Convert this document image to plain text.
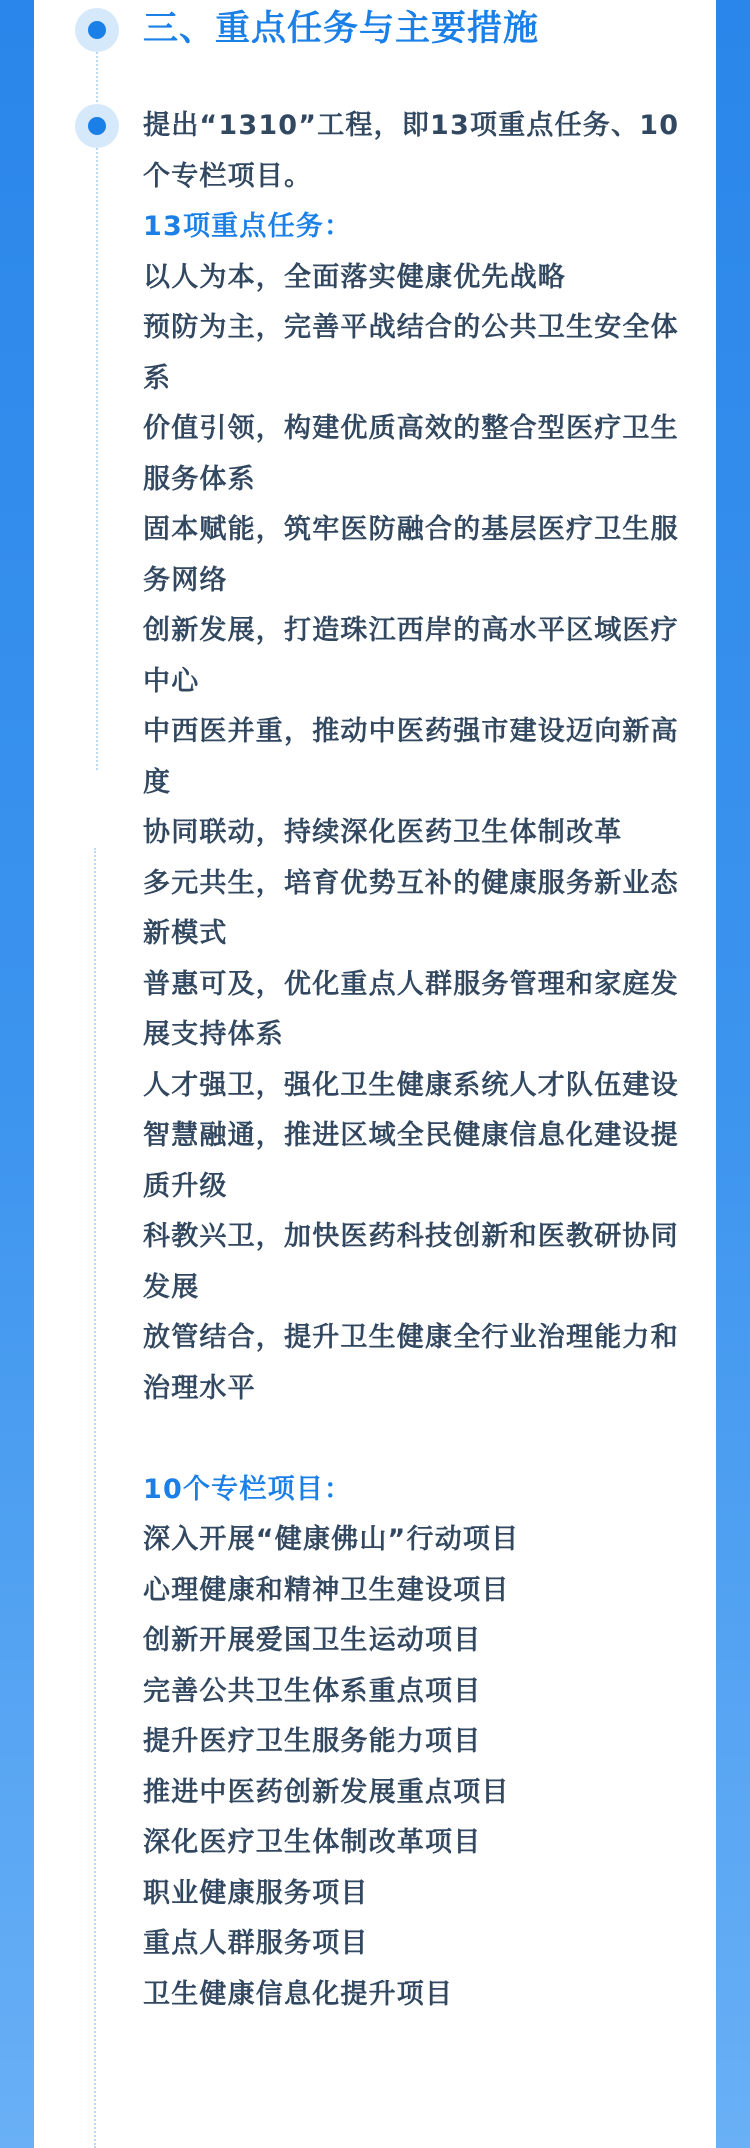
三、重点任务与主要措施

提出“1310”工程，即13项重点任务、10个专栏项目。

13项重点任务：

以人为本，全面落实健康优先战略
预防为主，完善平战结合的公共卫生安全体系
价值引领，构建优质高效的整合型医疗卫生服务体系
固本赋能，筑牢医防融合的基层医疗卫生服务网络
创新发展，打造珠江西岸的高水平区域医疗中心
中西医并重，推动中医药强市建设迈向新高度
协同联动，持续深化医药卫生体制改革
多元共生，培育优势互补的健康服务新业态新模式
普惠可及，优化重点人群服务管理和家庭发展支持体系
人才强卫，强化卫生健康系统人才队伍建设
智慧融通，推进区域全民健康信息化建设提质升级
科教兴卫，加快医药科技创新和医教研协同发展
放管结合，提升卫生健康全行业治理能力和治理水平

10个专栏项目：

深入开展“健康佛山”行动项目
心理健康和精神卫生建设项目
创新开展爱国卫生运动项目
完善公共卫生体系重点项目
提升医疗卫生服务能力项目
推进中医药创新发展重点项目
深化医疗卫生体制改革项目
职业健康服务项目
重点人群服务项目
卫生健康信息化提升项目
